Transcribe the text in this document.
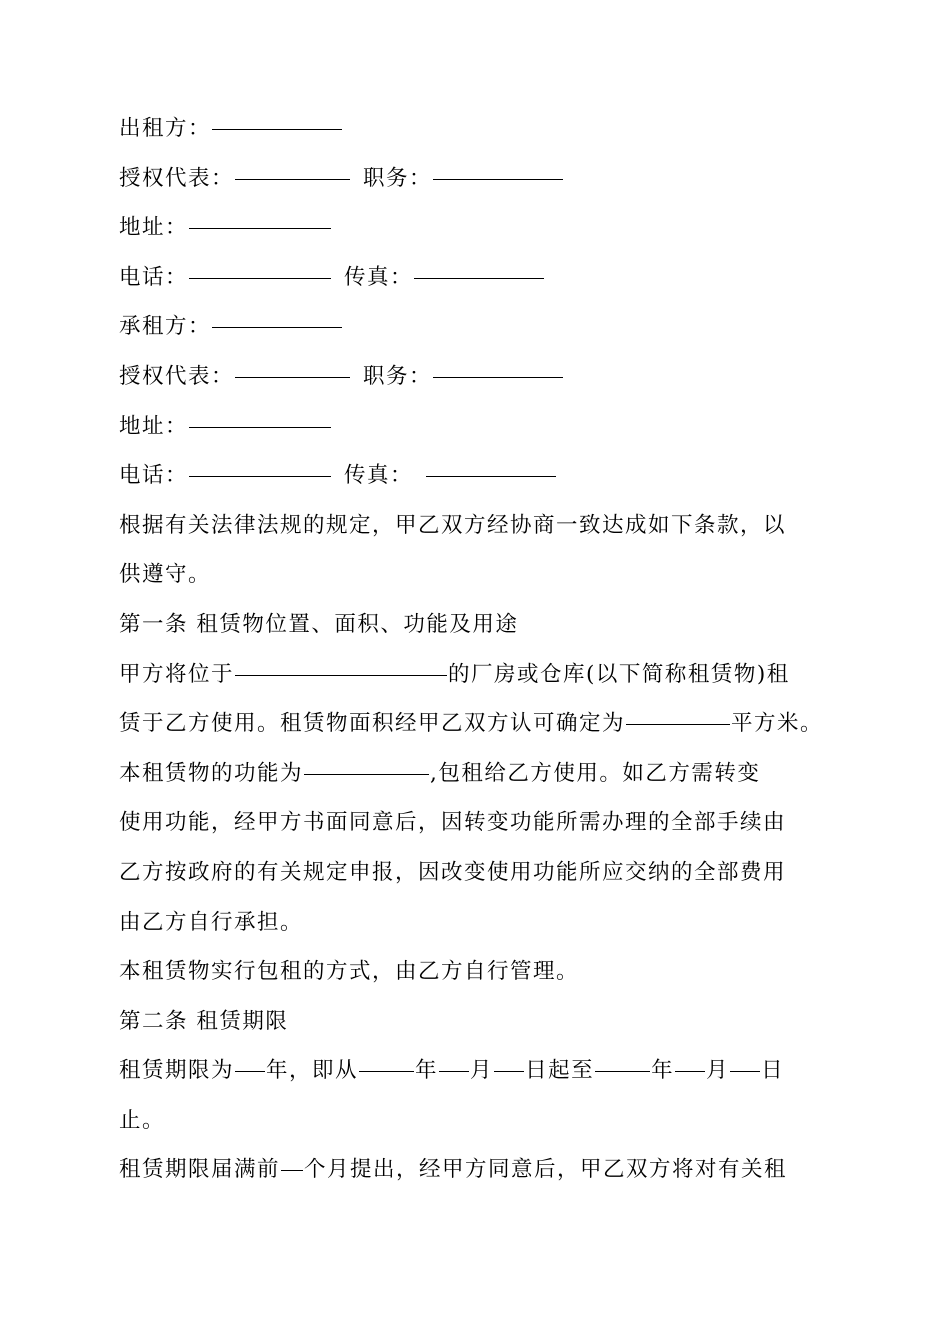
出租方：
授权代表：	职务：
地址：
电话：	传真：
承租方：
授权代表：	职务：
地址：
电话：	传真：
根据有关法律法规的规定，甲乙双方经协商一致达成如下条款，以
供遵守。
第一条 租赁物位置、面积、功能及用途
甲方将位于	的厂房或仓库(以下简称租赁物)租
赁于乙方使用。租赁物面积经甲乙双方认可确定为	平方米。
本租赁物的功能为	,包租给乙方使用。如乙方需转变
使用功能，经甲方书面同意后，因转变功能所需办理的全部手续由
乙方按政府的有关规定申报，因改变使用功能所应交纳的全部费用
由乙方自行承担。
本租赁物实行包租的方式，由乙方自行管理。
第二条 租赁期限
租赁期限为 年，即从	年 月 日起至	年 月 日
止。
租赁期限届满前 个月提出，经甲方同意后，甲乙双方将对有关租
